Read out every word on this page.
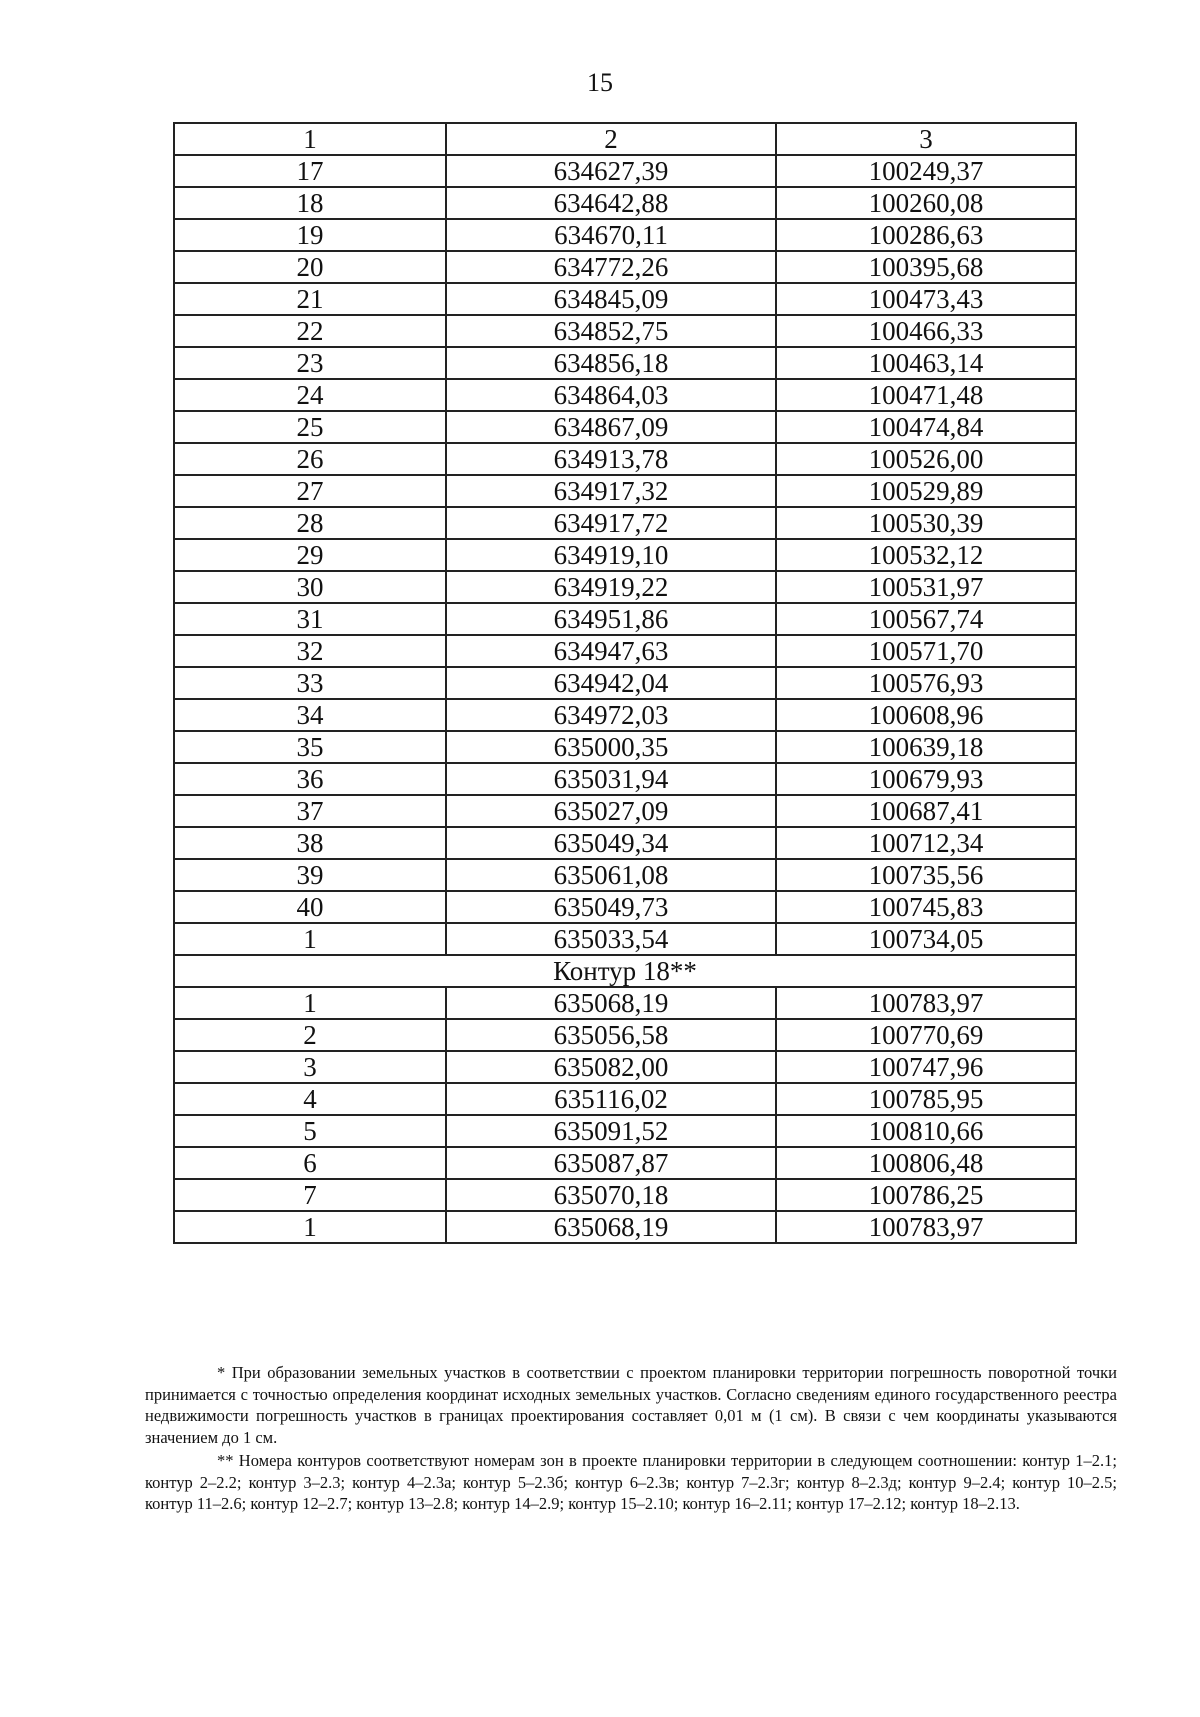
15
1	2	3
17	634627,39	100249,37
18	634642,88	100260,08
19	634670,11	100286,63
20	634772,26	100395,68
21	634845,09	100473,43
22	634852,75	100466,33
23	634856,18	100463,14
24	634864,03	100471,48
25	634867,09	100474,84
26	634913,78	100526,00
27	634917,32	100529,89
28	634917,72	100530,39
29	634919,10	100532,12
30	634919,22	100531,97
31	634951,86	100567,74
32	634947,63	100571,70
33	634942,04	100576,93
34	634972,03	100608,96
35	635000,35	100639,18
36	635031,94	100679,93
37	635027,09	100687,41
38	635049,34	100712,34
39	635061,08	100735,56
40	635049,73	100745,83
1	635033,54	100734,05
Контур 18**		
1	635068,19	100783,97
2	635056,58	100770,69
3	635082,00	100747,96
4	635116,02	100785,95
5	635091,52	100810,66
6	635087,87	100806,48
7	635070,18	100786,25
1	635068,19	100783,97

* При образовании земельных участков в соответствии с проектом планировки территории погрешность поворотной точки принимается с точностью определения координат исходных земельных участков. Согласно сведениям единого государственного реестра недвижимости погрешность участков в границах проектирования составляет 0,01 м (1 см). В связи с чем координаты указываются значением до 1 см.

** Номера контуров соответствуют номерам зон в проекте планировки территории в следующем соотношении: контур 1–2.1; контур 2–2.2; контур 3–2.3; контур 4–2.3а; контур 5–2.3б; контур 6–2.3в; контур 7–2.3г; контур 8–2.3д; контур 9–2.4; контур 10–2.5; контур 11–2.6; контур 12–2.7; контур 13–2.8; контур 14–2.9; контур 15–2.10; контур 16–2.11; контур 17–2.12; контур 18–2.13.
